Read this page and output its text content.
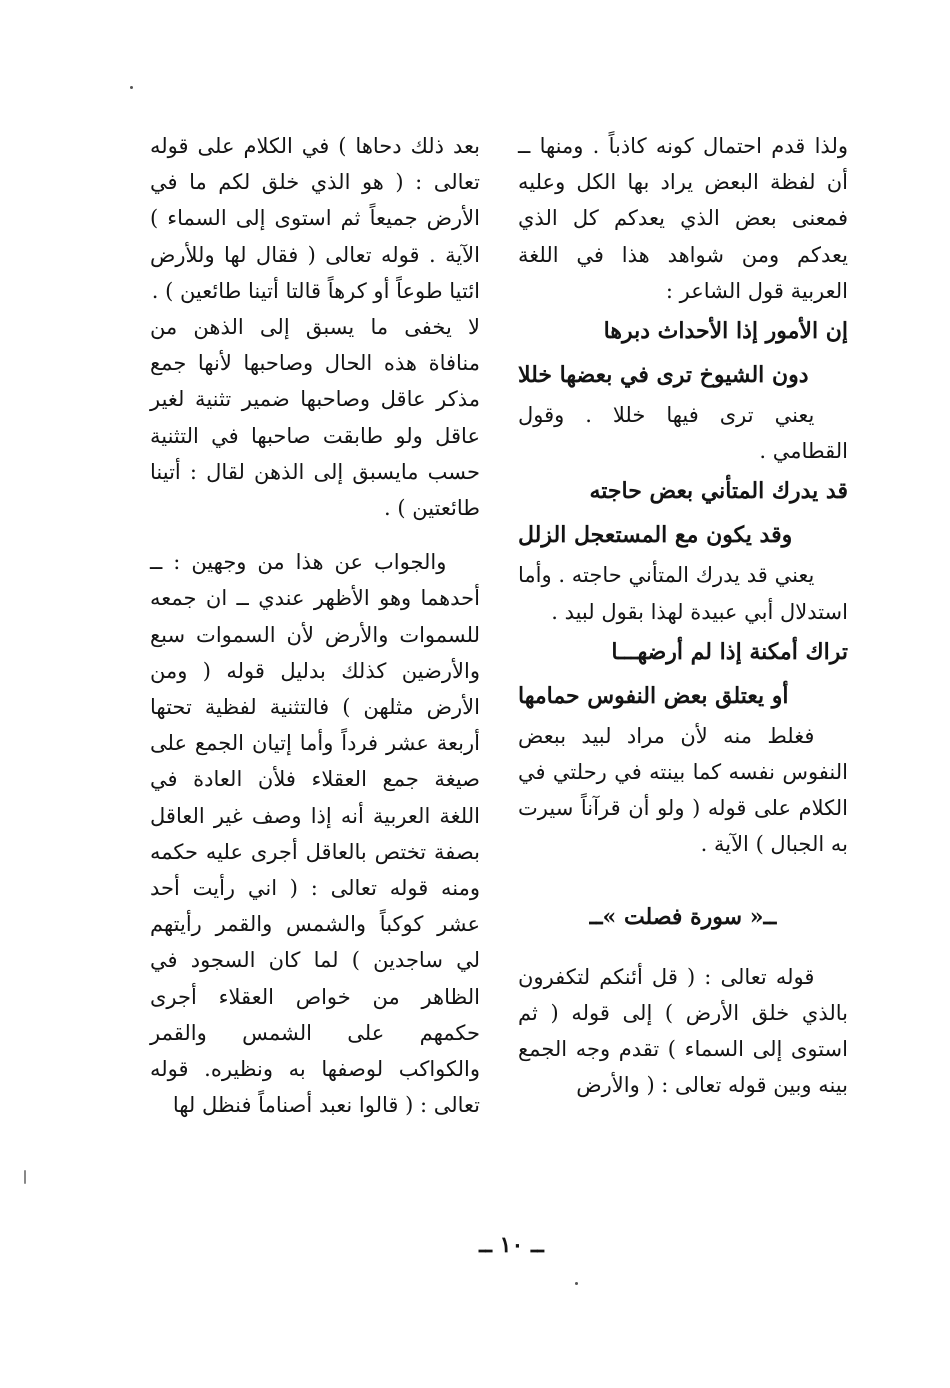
ولذا قدم احتمال كونه كاذباً . ومنها ــ أن لفظة البعض يراد بها الكل وعليه فمعنى بعض الذي يعدكم كل الذي يعدكم ومن شواهد هذا في اللغة العربية قول الشاعر :

إن الأمور إذا الأحداث دبرها

دون الشيوخ ترى في بعضها خللا

يعني ترى فيها خللا . وقول القطامي .

قد يدرك المتأني بعض حاجته

وقد يكون مع المستعجل الزلل

يعني قد يدرك المتأني حاجته . وأما استدلال أبي عبيدة لهذا بقول لبيد .

تراك أمكنة إذا لم أرضهـــا

أو يعتلق بعض النفوس حمامها

فغلط منه لأن مراد لبيد ببعض النفوس نفسه كما بينته في رحلتي في الكلام على قوله ( ولو أن قرآناً سيرت به الجبال ) الآية .

ــ« سورة فصلت »ــ

قوله تعالى : ( قل أئنكم لتكفرون بالذي خلق الأرض ) إلى قوله ( ثم استوى إلى السماء ) تقدم وجه الجمع بينه وبين قوله تعالى : ( والأرض

بعد ذلك دحاها ) في الكلام على قوله تعالى : ( هو الذي خلق لكم ما في الأرض جميعاً ثم استوى إلى السماء ) الآية . قوله تعالى ( فقال لها وللأرض ائتيا طوعاً أو كرهاً قالتا أتينا طائعين ) .

لا يخفى ما يسبق إلى الذهن من منافاة هذه الحال وصاحبها لأنها جمع مذكر عاقل وصاحبها ضمير تثنية لغير عاقل ولو طابقت صاحبها في التثنية حسب مايسبق إلى الذهن لقال : أتينا طائعتين ) .

والجواب عن هذا من وجهين : ــ أحدهما وهو الأظهر عندي ــ ان جمعه للسموات والأرض لأن السموات سبع والأرضين كذلك بدليل قوله ( ومن الأرض مثلهن ) فالتثنية لفظية تحتها أربعة عشر فرداً وأما إتيان الجمع على صيغة جمع العقلاء فلأن العادة في اللغة العربية أنه إذا وصف غير العاقل بصفة تختص بالعاقل أجرى عليه حكمه ومنه قوله تعالى : ( اني رأيت أحد عشر كوكباً والشمس والقمر رأيتهم لي ساجدين ) لما كان السجود في الظاهر من خواص العقلاء أجرى حكمهم على الشمس والقمر والكواكب لوصفها به ونظيره. قوله تعالى : ( قالوا نعبد أصناماً فنظل لها

ــ ١٠ ــ
